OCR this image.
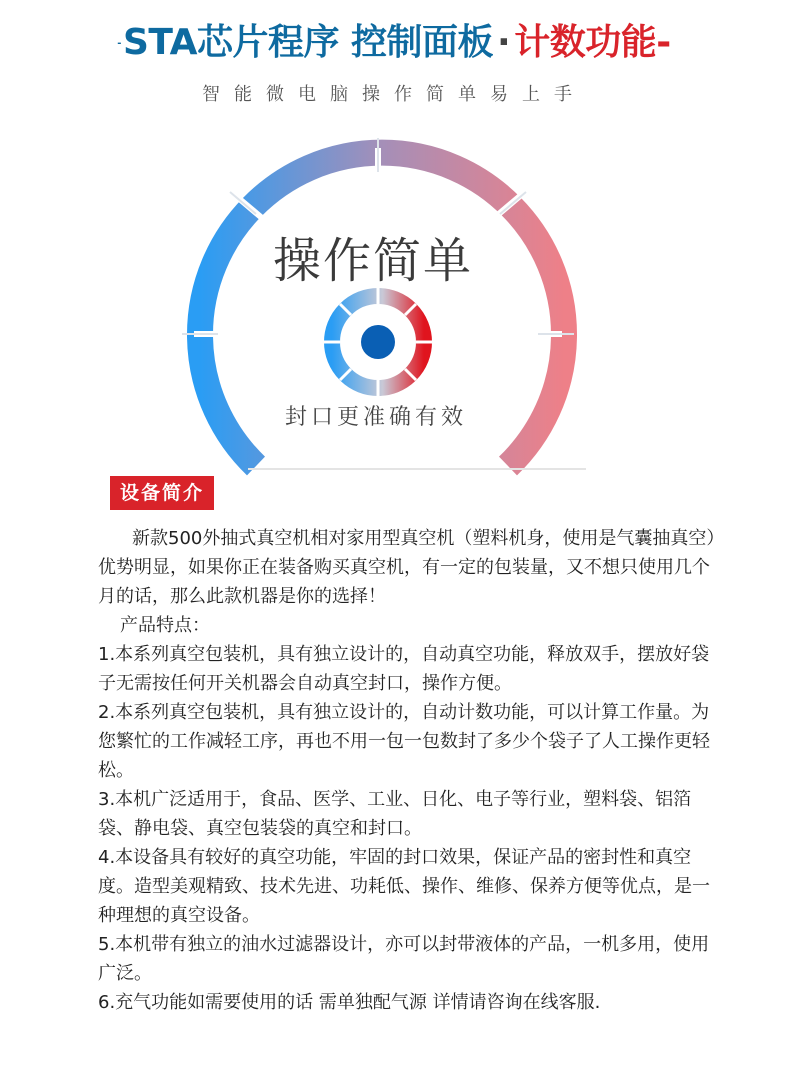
-STA芯片程序 控制面板 · 计数功能-
智能微电脑操作简单易上手
操作简单
封口更准确有效
设备简介

新款500外抽式真空机相对家用型真空机（塑料机身，使用是气囊抽真空）优势明显，如果你正在装备购买真空机，有一定的包装量，又不想只使用几个月的话，那么此款机器是你的选择！

产品特点：

1.本系列真空包装机，具有独立设计的，自动真空功能，释放双手，摆放好袋子无需按任何开关机器会自动真空封口，操作方便。

2.本系列真空包装机，具有独立设计的，自动计数功能，可以计算工作量。为您繁忙的工作减轻工序，再也不用一包一包数封了多少个袋子了人工操作更轻松。

3.本机广泛适用于，食品、医学、工业、日化、电子等行业，塑料袋、铝箔袋、静电袋、真空包装袋的真空和封口。

4.本设备具有较好的真空功能，牢固的封口效果，保证产品的密封性和真空度。造型美观精致、技术先进、功耗低、操作、维修、保养方便等优点，是一种理想的真空设备。

5.本机带有独立的油水过滤器设计，亦可以封带液体的产品，一机多用，使用广泛。

6.充气功能如需要使用的话 需单独配气源 详情请咨询在线客服.
